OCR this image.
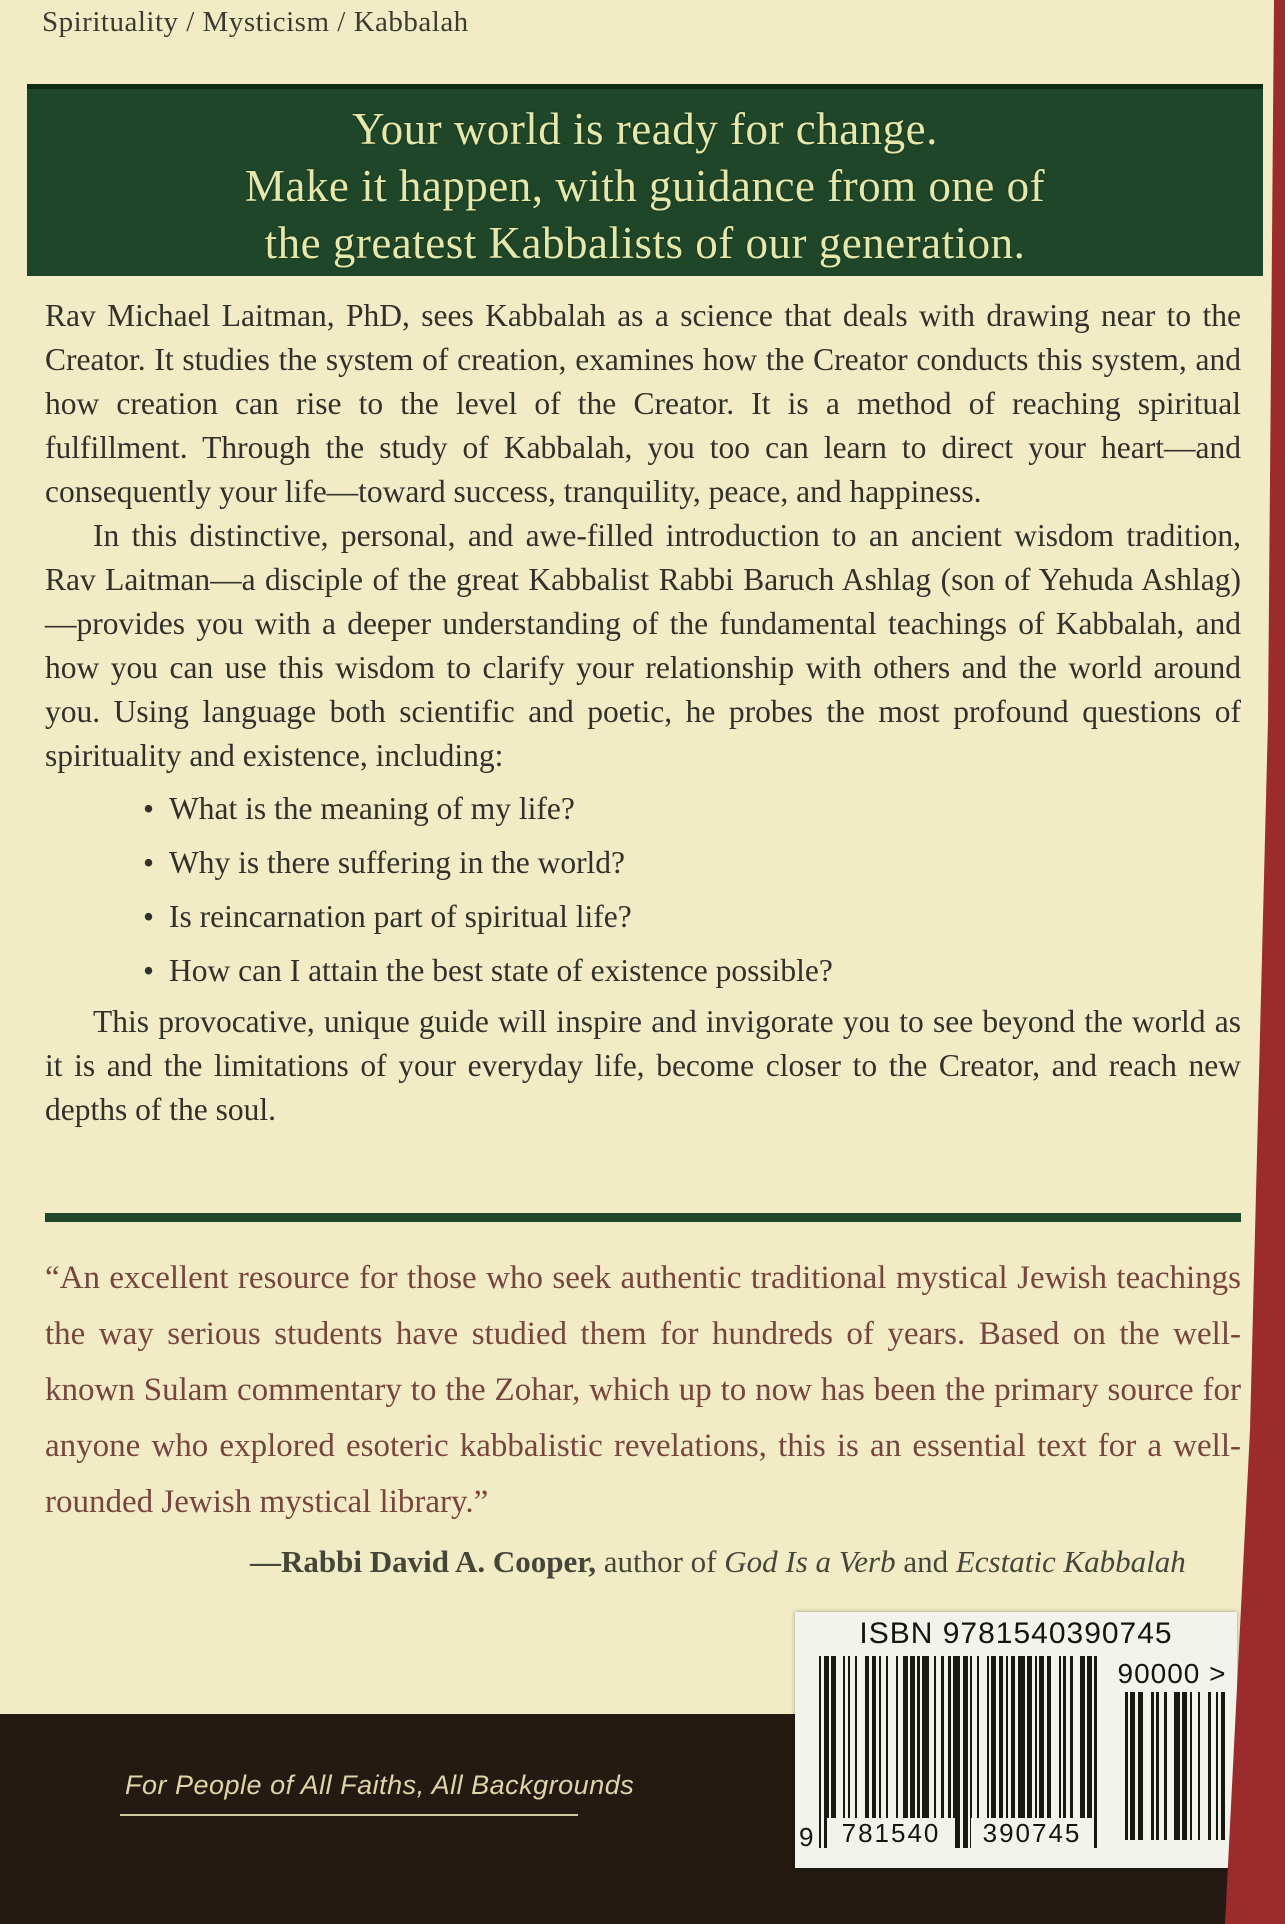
Spirituality / Mysticism / Kabbalah
Your world is ready for change.
Make it happen, with guidance from one of
the greatest Kabbalists of our generation.

Rav Michael Laitman, PhD, sees Kabbalah as a science that deals with drawing near to the Creator. It studies the system of creation, examines how the Creator conducts this system, and how creation can rise to the level of the Creator. It is a method of reaching spiritual fulfillment. Through the study of Kabbalah, you too can learn to direct your heart—and consequently your life—toward success, tranquility, peace, and happiness.

In this distinctive, personal, and awe-filled introduction to an ancient wisdom tradition, Rav Laitman—a disciple of the great Kabbalist Rabbi Baruch Ashlag (son of Yehuda Ashlag)—provides you with a deeper understanding of the fundamental teachings of Kabbalah, and how you can use this wisdom to clarify your relationship with others and the world around you. Using language both scientific and poetic, he probes the most profound questions of spirituality and existence, including:

• What is the meaning of my life?
• Why is there suffering in the world?
• Is reincarnation part of spiritual life?
• How can I attain the best state of existence possible?

This provocative, unique guide will inspire and invigorate you to see beyond the world as it is and the limitations of your everyday life, become closer to the Creator, and reach new depths of the soul.

“An excellent resource for those who seek authentic traditional mystical Jewish teachings the way serious students have studied them for hundreds of years. Based on the well-known Sulam commentary to the Zohar, which up to now has been the primary source for anyone who explored esoteric kabbalistic revelations, this is an essential text for a well-rounded Jewish mystical library.”

—Rabbi David A. Cooper, author of God Is a Verb and Ecstatic Kabbalah
For People of All Faiths, All Backgrounds
ISBN 9781540390745
781540	390745
9
90000 >
